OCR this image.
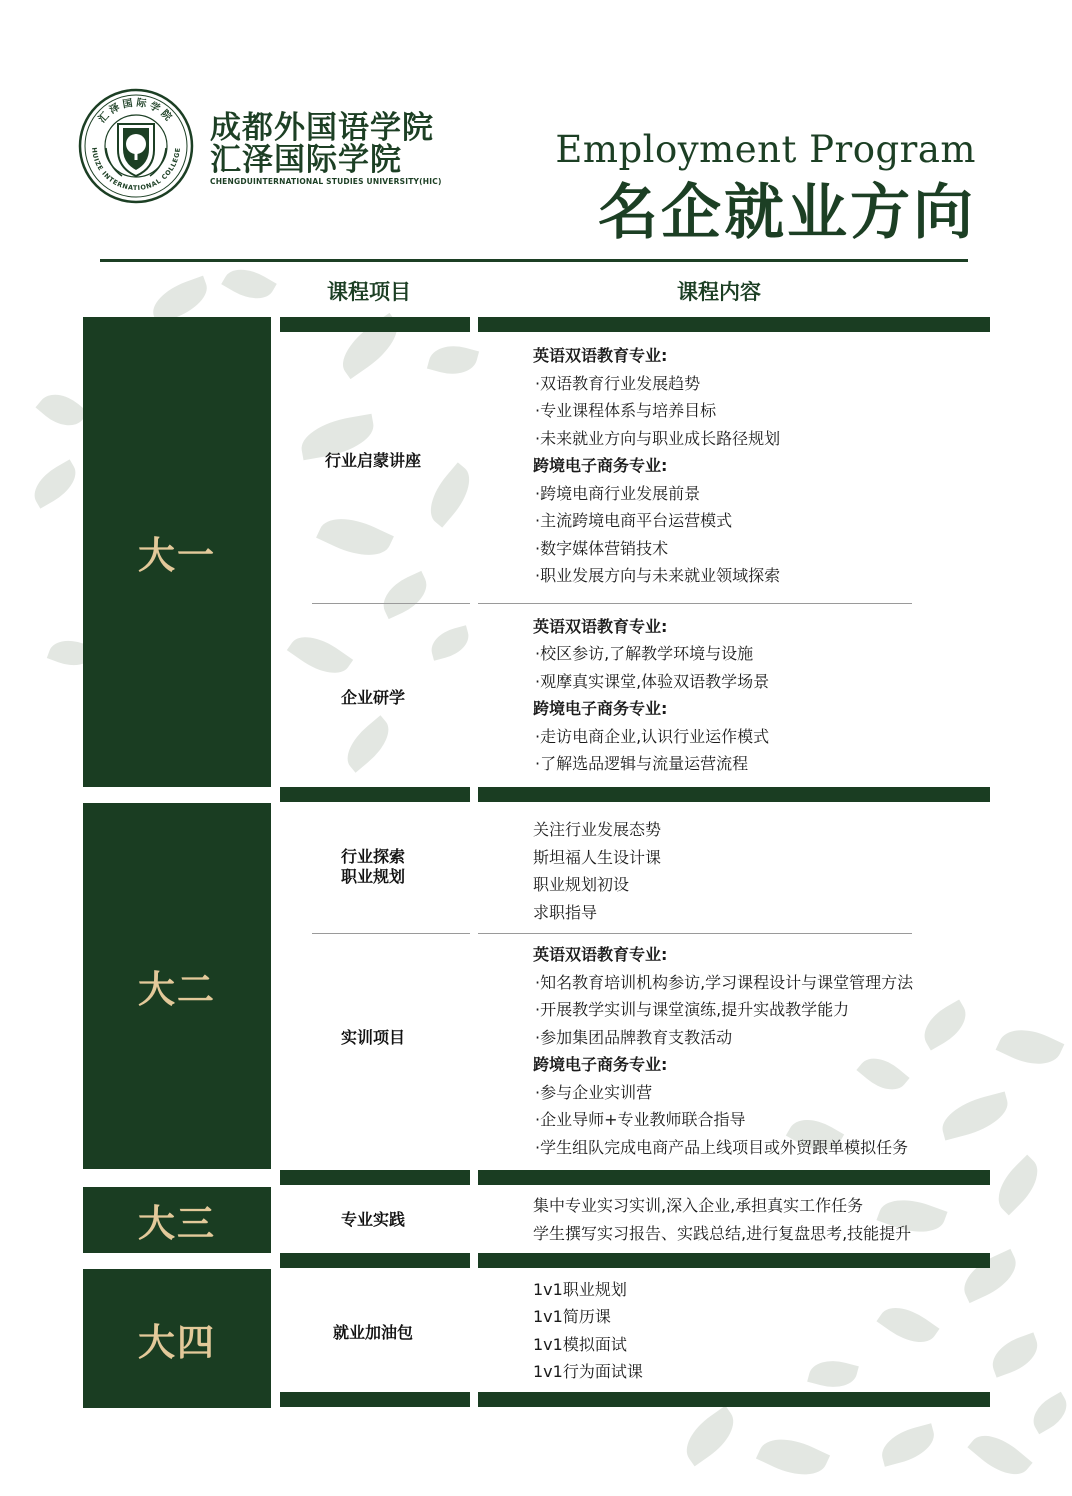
汇泽国际学院
HUIZE INTERNATIONAL COLLEGE
成都外国语学院
汇泽国际学院
CHENGDUINTERNATIONAL STUDIES UNIVERSITY(HIC)
Employment Program
名企就业方向
课程项目	课程内容
大一
大二
大三
大四
行业启蒙讲座
企业研学
行业探索
职业规划
实训项目
专业实践
就业加油包
英语双语教育专业:
·双语教育行业发展趋势
·专业课程体系与培养目标
·未来就业方向与职业成长路径规划
跨境电子商务专业:
·跨境电商行业发展前景
·主流跨境电商平台运营模式
·数字媒体营销技术
·职业发展方向与未来就业领域探索
英语双语教育专业:
·校区参访,了解教学环境与设施
·观摩真实课堂,体验双语教学场景
跨境电子商务专业:
·走访电商企业,认识行业运作模式
·了解选品逻辑与流量运营流程
关注行业发展态势
斯坦福人生设计课
职业规划初设
求职指导
英语双语教育专业:
·知名教育培训机构参访,学习课程设计与课堂管理方法
·开展教学实训与课堂演练,提升实战教学能力
·参加集团品牌教育支教活动
跨境电子商务专业:
·参与企业实训营
·企业导师+专业教师联合指导
·学生组队完成电商产品上线项目或外贸跟单模拟任务
集中专业实习实训,深入企业,承担真实工作任务
学生撰写实习报告、实践总结,进行复盘思考,技能提升
1v1职业规划
1v1简历课
1v1模拟面试
1v1行为面试课
